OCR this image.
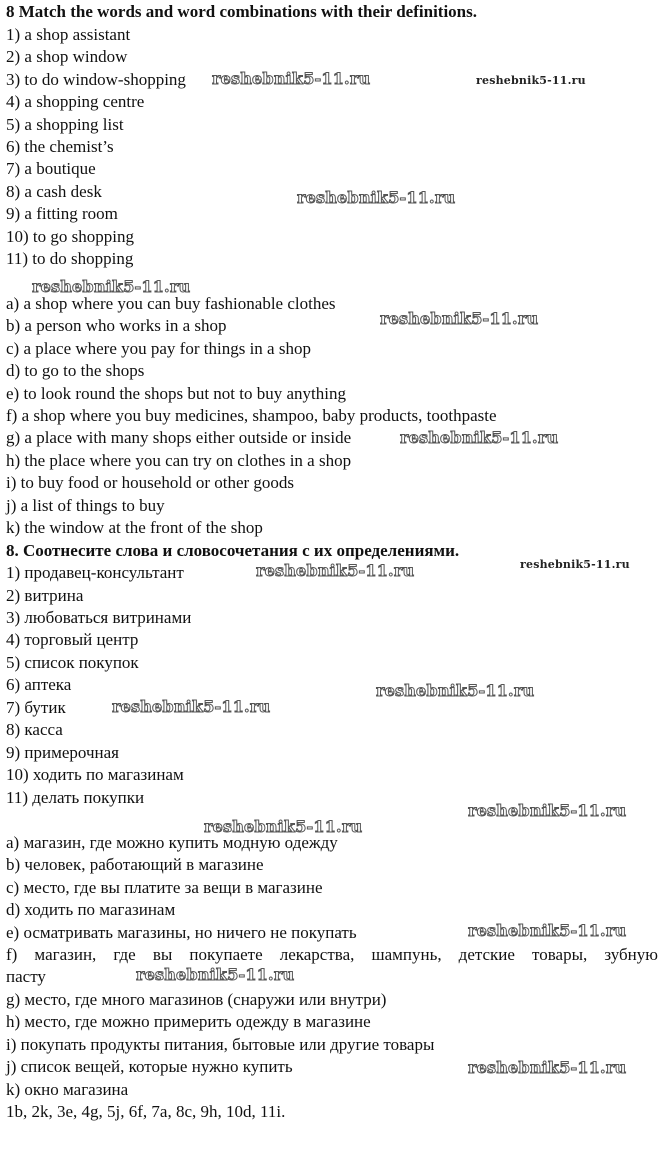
8 Match the words and word combinations with their definitions.
1) a shop assistant
2) a shop window
3) to do window-shopping
4) a shopping centre
5) a shopping list
6) the chemist’s
7) a boutique
8) a cash desk
9) a fitting room
10) to go shopping
11) to do shopping
a) a shop where you can buy fashionable clothes
b) a person who works in a shop
c) a place where you pay for things in a shop
d) to go to the shops
e) to look round the shops but not to buy anything
f) a shop where you buy medicines, shampoo, baby products, toothpaste
g) a place with many shops either outside or inside
h) the place where you can try on clothes in a shop
i) to buy food or household or other goods
j) a list of things to buy
k) the window at the front of the shop
8. Соотнесите слова и словосочетания с их определениями.
1) продавец-консультант
2) витрина
3) любоваться витринами
4) торговый центр
5) список покупок
6) аптека
7) бутик
8) касса
9) примерочная
10) ходить по магазинам
11) делать покупки
a) магазин, где можно купить модную одежду
b) человек, работающий в магазине
c) место, где вы платите за вещи в магазине
d) ходить по магазинам
e) осматривать магазины, но ничего не покупать
f) магазин, где вы покупаете лекарства, шампунь, детские товары, зубную
пасту
g) место, где много магазинов (снаружи или внутри)
h) место, где можно примерить одежду в магазине
i) покупать продукты питания, бытовые или другие товары
j) список вещей, которые нужно купить
k) окно магазина
1b, 2k, 3e, 4g, 5j, 6f, 7a, 8c, 9h, 10d, 11i.
reshebnik5-11.ru	reshebnik5-11.ru
reshebnik5-11.ru
reshebnik5-11.ru
reshebnik5-11.ru
reshebnik5-11.ru
reshebnik5-11.ru
reshebnik5-11.ru
reshebnik5-11.ru
reshebnik5-11.ru
reshebnik5-11.ru
reshebnik5-11.ru
reshebnik5-11.ru
reshebnik5-11.ru
reshebnik5-11.ru
